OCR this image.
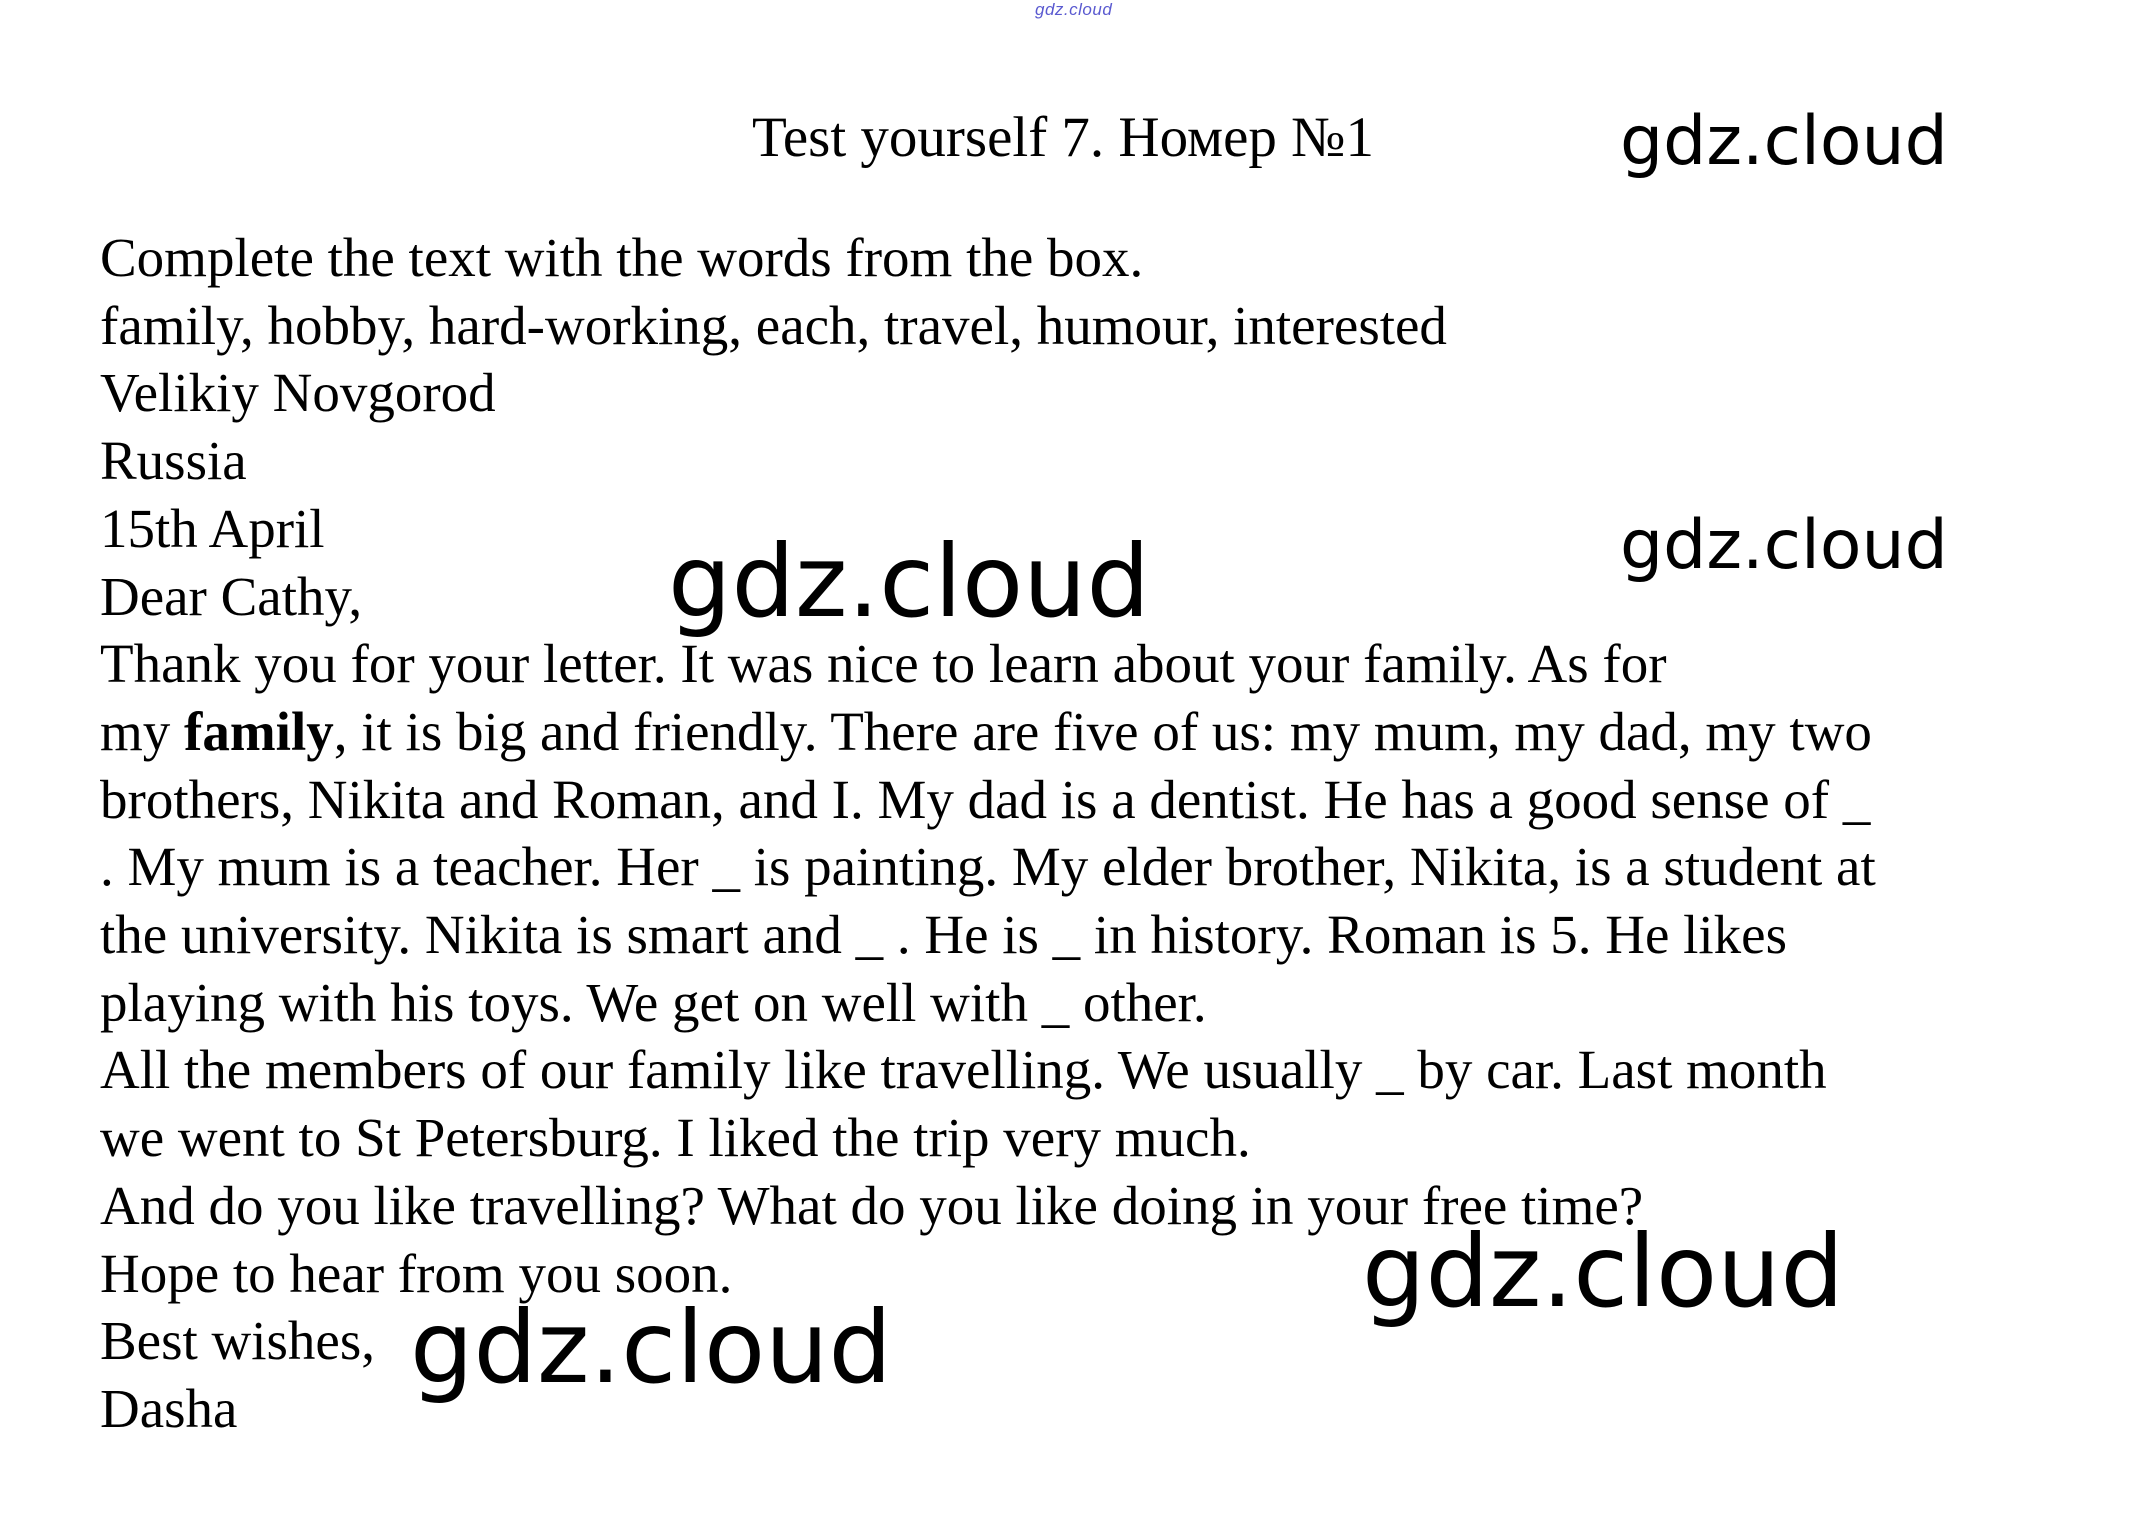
gdz.cloud
Test yourself 7. Номер №1
Complete the text with the words from the box.
family, hobby, hard-working, each, travel, humour, interested
Velikiy Novgorod
Russia
15th April
Dear Cathy,
Thank you for your letter. It was nice to learn about your family. As for
my family, it is big and friendly. There are five of us: my mum, my dad, my two
brothers, Nikita and Roman, and I. My dad is a dentist. He has a good sense of _
. My mum is a teacher. Her _ is painting. My elder brother, Nikita, is a student at
the university. Nikita is smart and _ . He is _ in history. Roman is 5. He likes
playing with his toys. We get on well with _ other.
All the members of our family like travelling. We usually _ by car. Last month
we went to St Petersburg. I liked the trip very much.
And do you like travelling? What do you like doing in your free time?
Hope to hear from you soon.
Best wishes,
Dasha
gdz.cloud
gdz.cloud
gdz.cloud
gdz.cloud
gdz.cloud
